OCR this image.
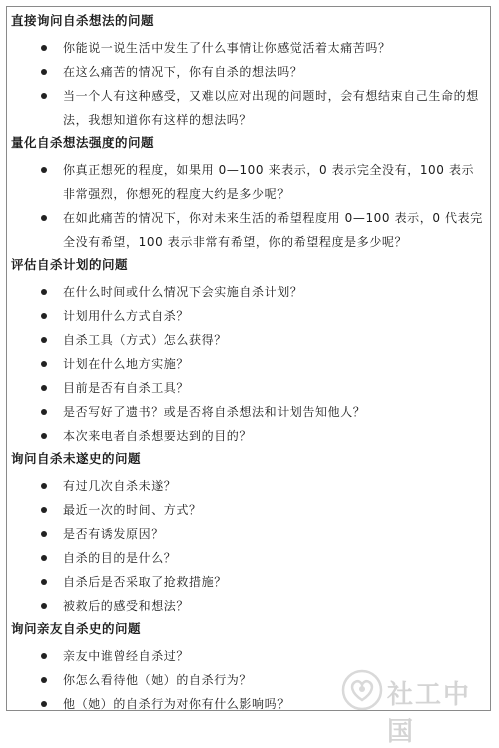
直接询问自杀想法的问题
你能说一说生活中发生了什么事情让你感觉活着太痛苦吗？
在这么痛苦的情况下，你有自杀的想法吗？
当一个人有这种感受，又难以应对出现的问题时，会有想结束自己生命的想法，我想知道你有这样的想法吗？
量化自杀想法强度的问题
你真正想死的程度，如果用 0—100 来表示，0 表示完全没有，100 表示非常强烈，你想死的程度大约是多少呢？
在如此痛苦的情况下，你对未来生活的希望程度用 0—100 表示，0 代表完全没有希望，100 表示非常有希望，你的希望程度是多少呢？
评估自杀计划的问题
在什么时间或什么情况下会实施自杀计划？
计划用什么方式自杀？
自杀工具（方式）怎么获得？
计划在什么地方实施？
目前是否有自杀工具？
是否写好了遗书？或是否将自杀想法和计划告知他人？
本次来电者自杀想要达到的目的？
询问自杀未遂史的问题
有过几次自杀未遂？
最近一次的时间、方式？
是否有诱发原因？
自杀的目的是什么？
自杀后是否采取了抢救措施？
被救后的感受和想法？
询问亲友自杀史的问题
亲友中谁曾经自杀过？
你怎么看待他（她）的自杀行为？
他（她）的自杀行为对你有什么影响吗？	社工中国
